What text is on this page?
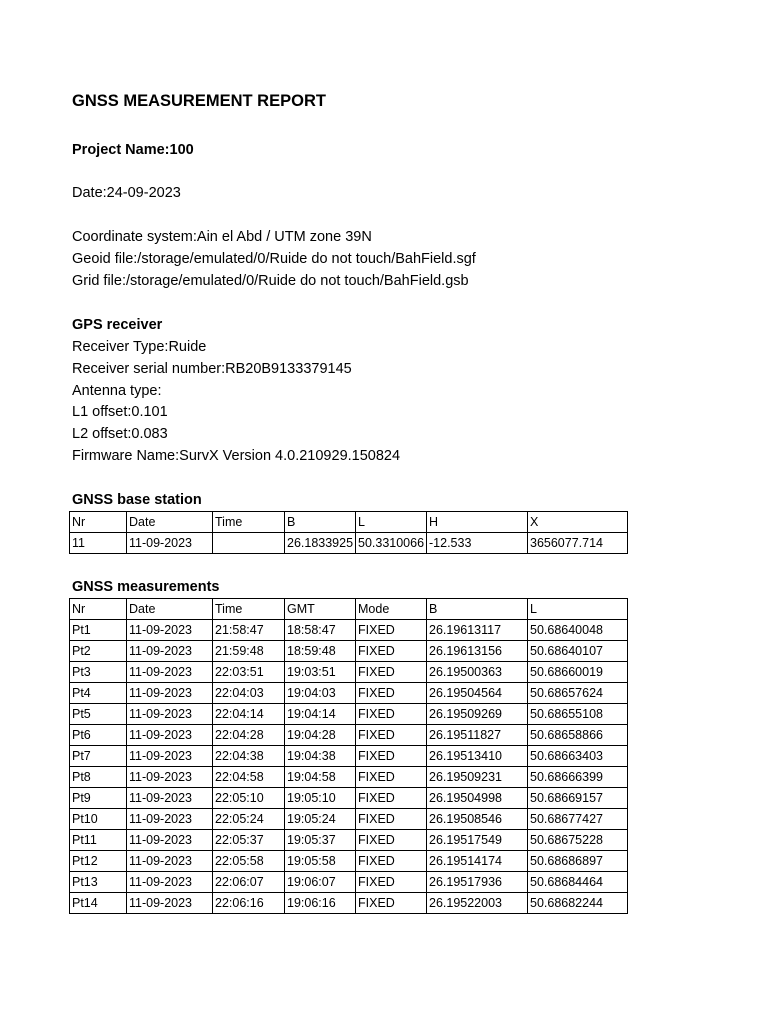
GNSS MEASUREMENT REPORT
Project Name:100
Date:24-09-2023
Coordinate system:Ain el Abd / UTM zone 39N
Geoid file:/storage/emulated/0/Ruide do not touch/BahField.sgf
Grid file:/storage/emulated/0/Ruide do not touch/BahField.gsb
GPS receiver
Receiver Type:Ruide
Receiver serial number:RB20B9133379145
Antenna type:
L1 offset:0.101
L2 offset:0.083
Firmware Name:SurvX Version 4.0.210929.150824
GNSS base station
Nr	Date	Time	B	L	H	X
11	11-09-2023		26.1833925	50.3310066	-12.533	3656077.714
GNSS measurements
Nr	Date	Time	GMT	Mode	B	L
Pt1	11-09-2023	21:58:47	18:58:47	FIXED	26.19613117	50.68640048
Pt2	11-09-2023	21:59:48	18:59:48	FIXED	26.19613156	50.68640107
Pt3	11-09-2023	22:03:51	19:03:51	FIXED	26.19500363	50.68660019
Pt4	11-09-2023	22:04:03	19:04:03	FIXED	26.19504564	50.68657624
Pt5	11-09-2023	22:04:14	19:04:14	FIXED	26.19509269	50.68655108
Pt6	11-09-2023	22:04:28	19:04:28	FIXED	26.19511827	50.68658866
Pt7	11-09-2023	22:04:38	19:04:38	FIXED	26.19513410	50.68663403
Pt8	11-09-2023	22:04:58	19:04:58	FIXED	26.19509231	50.68666399
Pt9	11-09-2023	22:05:10	19:05:10	FIXED	26.19504998	50.68669157
Pt10	11-09-2023	22:05:24	19:05:24	FIXED	26.19508546	50.68677427
Pt11	11-09-2023	22:05:37	19:05:37	FIXED	26.19517549	50.68675228
Pt12	11-09-2023	22:05:58	19:05:58	FIXED	26.19514174	50.68686897
Pt13	11-09-2023	22:06:07	19:06:07	FIXED	26.19517936	50.68684464
Pt14	11-09-2023	22:06:16	19:06:16	FIXED	26.19522003	50.68682244
